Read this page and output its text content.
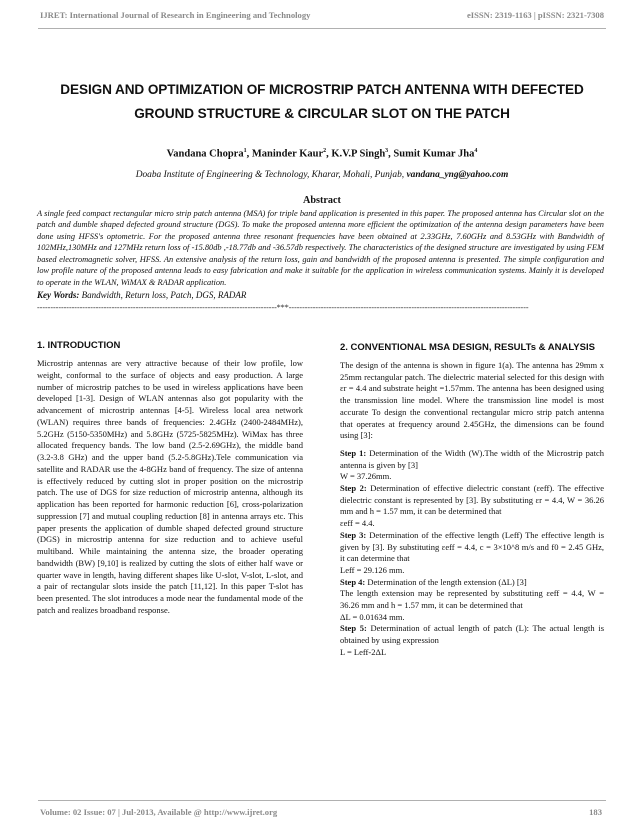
IJRET: International Journal of Research in Engineering and Technology	eISSN: 2319-1163 | pISSN: 2321-7308
DESIGN AND OPTIMIZATION OF MICROSTRIP PATCH ANTENNA WITH DEFECTED GROUND STRUCTURE & CIRCULAR SLOT ON THE PATCH
Vandana Chopra$^1$, Maninder Kaur$^2$, K.V.P Singh$^3$, Sumit Kumar Jha$^4$
Doaba Institute of Engineering & Technology, Kharar, Mohali, Punjab, vandana_yng@yahoo.com
Abstract
A single feed compact rectangular micro strip patch antenna (MSA) for triple band application is presented in this paper. The proposed antenna has Circular slot on the patch and dumble shaped defected ground structure (DGS). To make the proposed antenna more efficient the optimization of the antenna design parameters have been done using HFSS's optometric. For the proposed antenna three resonant frequencies have been obtained at 2.33GHz, 7.60GHz and 8.53GHz with Bandwidth of 102MHz,130MHz and 127MHz return loss of -15.80db ,-18.77db and -36.57db respectively. The characteristics of the designed structure are investigated by using FEM based electromagnetic solver, HFSS. An extensive analysis of the return loss, gain and bandwidth of the proposed antenna is presented. The simple configuration and low profile nature of the proposed antenna leads to easy fabrication and make it suitable for the application in wireless communication systems. Mainly it is developed to operate in the WLAN, WiMAX & RADAR application.
Key Words: Bandwidth, Return loss, Patch, DGS, RADAR
------------------------------------------------------------------------------------------***------------------------------------------------------------------------------------------
1. INTRODUCTION
Microstrip antennas are very attractive because of their low profile, low weight, conformal to the surface of objects and easy production. A large number of microstrip patches to be used in wireless applications have been developed [1-3]. Design of WLAN antennas also got popularity with the advancement of microstrip antennas [4-5]. Wireless local area network (WLAN) requires three bands of frequencies: 2.4GHz (2400-2484MHz), 5.2GHz (5150-5350MHz) and 5.8GHz (5725-5825MHz). WiMax has three allocated frequency bands. The low band (2.5-2.69GHz), the middle band (3.2-3.8 GHz) and the upper band (5.2-5.8GHz).Tele communication via satellite and RADAR use the 4-8GHz band of frequency. The size of antenna is effectively reduced by cutting slot in proper position on the microstrip patch. The use of DGS for size reduction of microstrip antenna, although its application has been reported for harmonic reduction [6], cross-polarization suppression [7] and mutual coupling reduction [8] in antenna arrays etc. This paper presents the application of dumble shaped defected ground structure (DGS) in microstrip antenna for size reduction and to achieve useful multiband. While maintaining the antenna size, the broader operating bandwidth (BW) [9,10] is realized by cutting the slots of either half wave or quarter wave in length, having different shapes like U-slot, V-slot, L-slot, and a pair of rectangular slots inside the patch [11,12]. In this paper T-slot has been presented. The slot introduces a mode near the fundamental mode of the patch and realizes broadband response.
2. CONVENTIONAL MSA DESIGN, RESULTs & ANALYSIS

The design of the antenna is shown in figure 1(a). The antenna has 29mm x 25mm rectangular patch. The dielectric material selected for this design with εr = 4.4 and substrate height =1.57mm. The antenna has been designed using the transmission line model. Where the transmission line model is most accurate To design the conventional rectangular micro strip patch antenna that operates at frequency around 2.45GHz, the dimensions can be found using [3]:

Step 1: Determination of the Width (W).The width of the Microstrip patch antenna is given by [3]
W = 37.26mm.
Step 2: Determination of effective dielectric constant (εeff). The effective dielectric constant is represented by [3]. By substituting εr = 4.4, W = 36.26 mm and h = 1.57 mm, it can be determined that
εeff = 4.4.
Step 3: Determination of the effective length (Leff) The effective length is given by [3]. By substituting εeff = 4.4, c = 3×10^8 m/s and f0 = 2.45 GHz, it can determine that
Leff = 29.126 mm.
Step 4: Determination of the length extension (ΔL) [3]
The length extension may be represented by substituting εeff = 4.4, W = 36.26 mm and h = 1.57 mm, it can be determined that
ΔL = 0.01634 mm.
Step 5: Determination of actual length of patch (L): The actual length is obtained by using expression
L = Leff-2ΔL
Volume: 02 Issue: 07 | Jul-2013, Available @ http://www.ijret.org	183
